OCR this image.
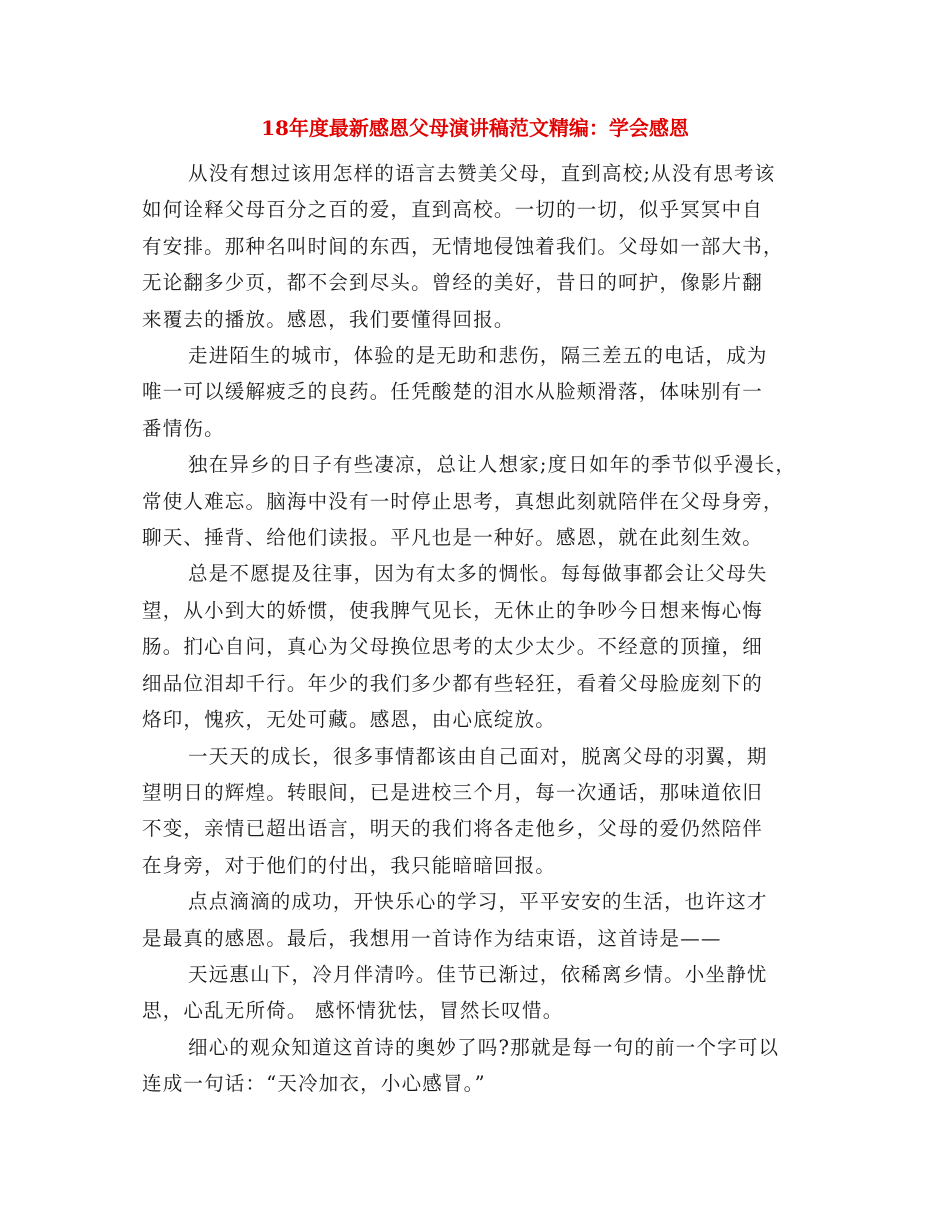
18年度最新感恩父母演讲稿范文精编：学会感恩

从没有想过该用怎样的语言去赞美父母，直到高校;从没有思考该
如何诠释父母百分之百的爱，直到高校。一切的一切，似乎冥冥中自
有安排。那种名叫时间的东西，无情地侵蚀着我们。父母如一部大书，
无论翻多少页，都不会到尽头。曾经的美好，昔日的呵护，像影片翻
来覆去的播放。感恩，我们要懂得回报。

走进陌生的城市，体验的是无助和悲伤，隔三差五的电话，成为
唯一可以缓解疲乏的良药。任凭酸楚的泪水从脸颊滑落，体味别有一
番情伤。

独在异乡的日子有些凄凉，总让人想家;度日如年的季节似乎漫长，
常使人难忘。脑海中没有一时停止思考，真想此刻就陪伴在父母身旁，
聊天、捶背、给他们读报。平凡也是一种好。感恩，就在此刻生效。

总是不愿提及往事，因为有太多的惆怅。每每做事都会让父母失
望，从小到大的娇惯，使我脾气见长，无休止的争吵今日想来悔心悔
肠。扪心自问，真心为父母换位思考的太少太少。不经意的顶撞，细
细品位泪却千行。年少的我们多少都有些轻狂，看着父母脸庞刻下的
烙印，愧疚，无处可藏。感恩，由心底绽放。

一天天的成长，很多事情都该由自己面对，脱离父母的羽翼，期
望明日的辉煌。转眼间，已是进校三个月，每一次通话，那味道依旧
不变，亲情已超出语言，明天的我们将各走他乡，父母的爱仍然陪伴
在身旁，对于他们的付出，我只能暗暗回报。

点点滴滴的成功，开快乐心的学习，平平安安的生活，也许这才
是最真的感恩。最后，我想用一首诗作为结束语，这首诗是——

天远惠山下，冷月伴清吟。佳节已渐过，依稀离乡情。小坐静忧
思，心乱无所倚。 感怀情犹怯，冒然长叹惜。

细心的观众知道这首诗的奥妙了吗?那就是每一句的前一个字可以
连成一句话：“天冷加衣，小心感冒。”
